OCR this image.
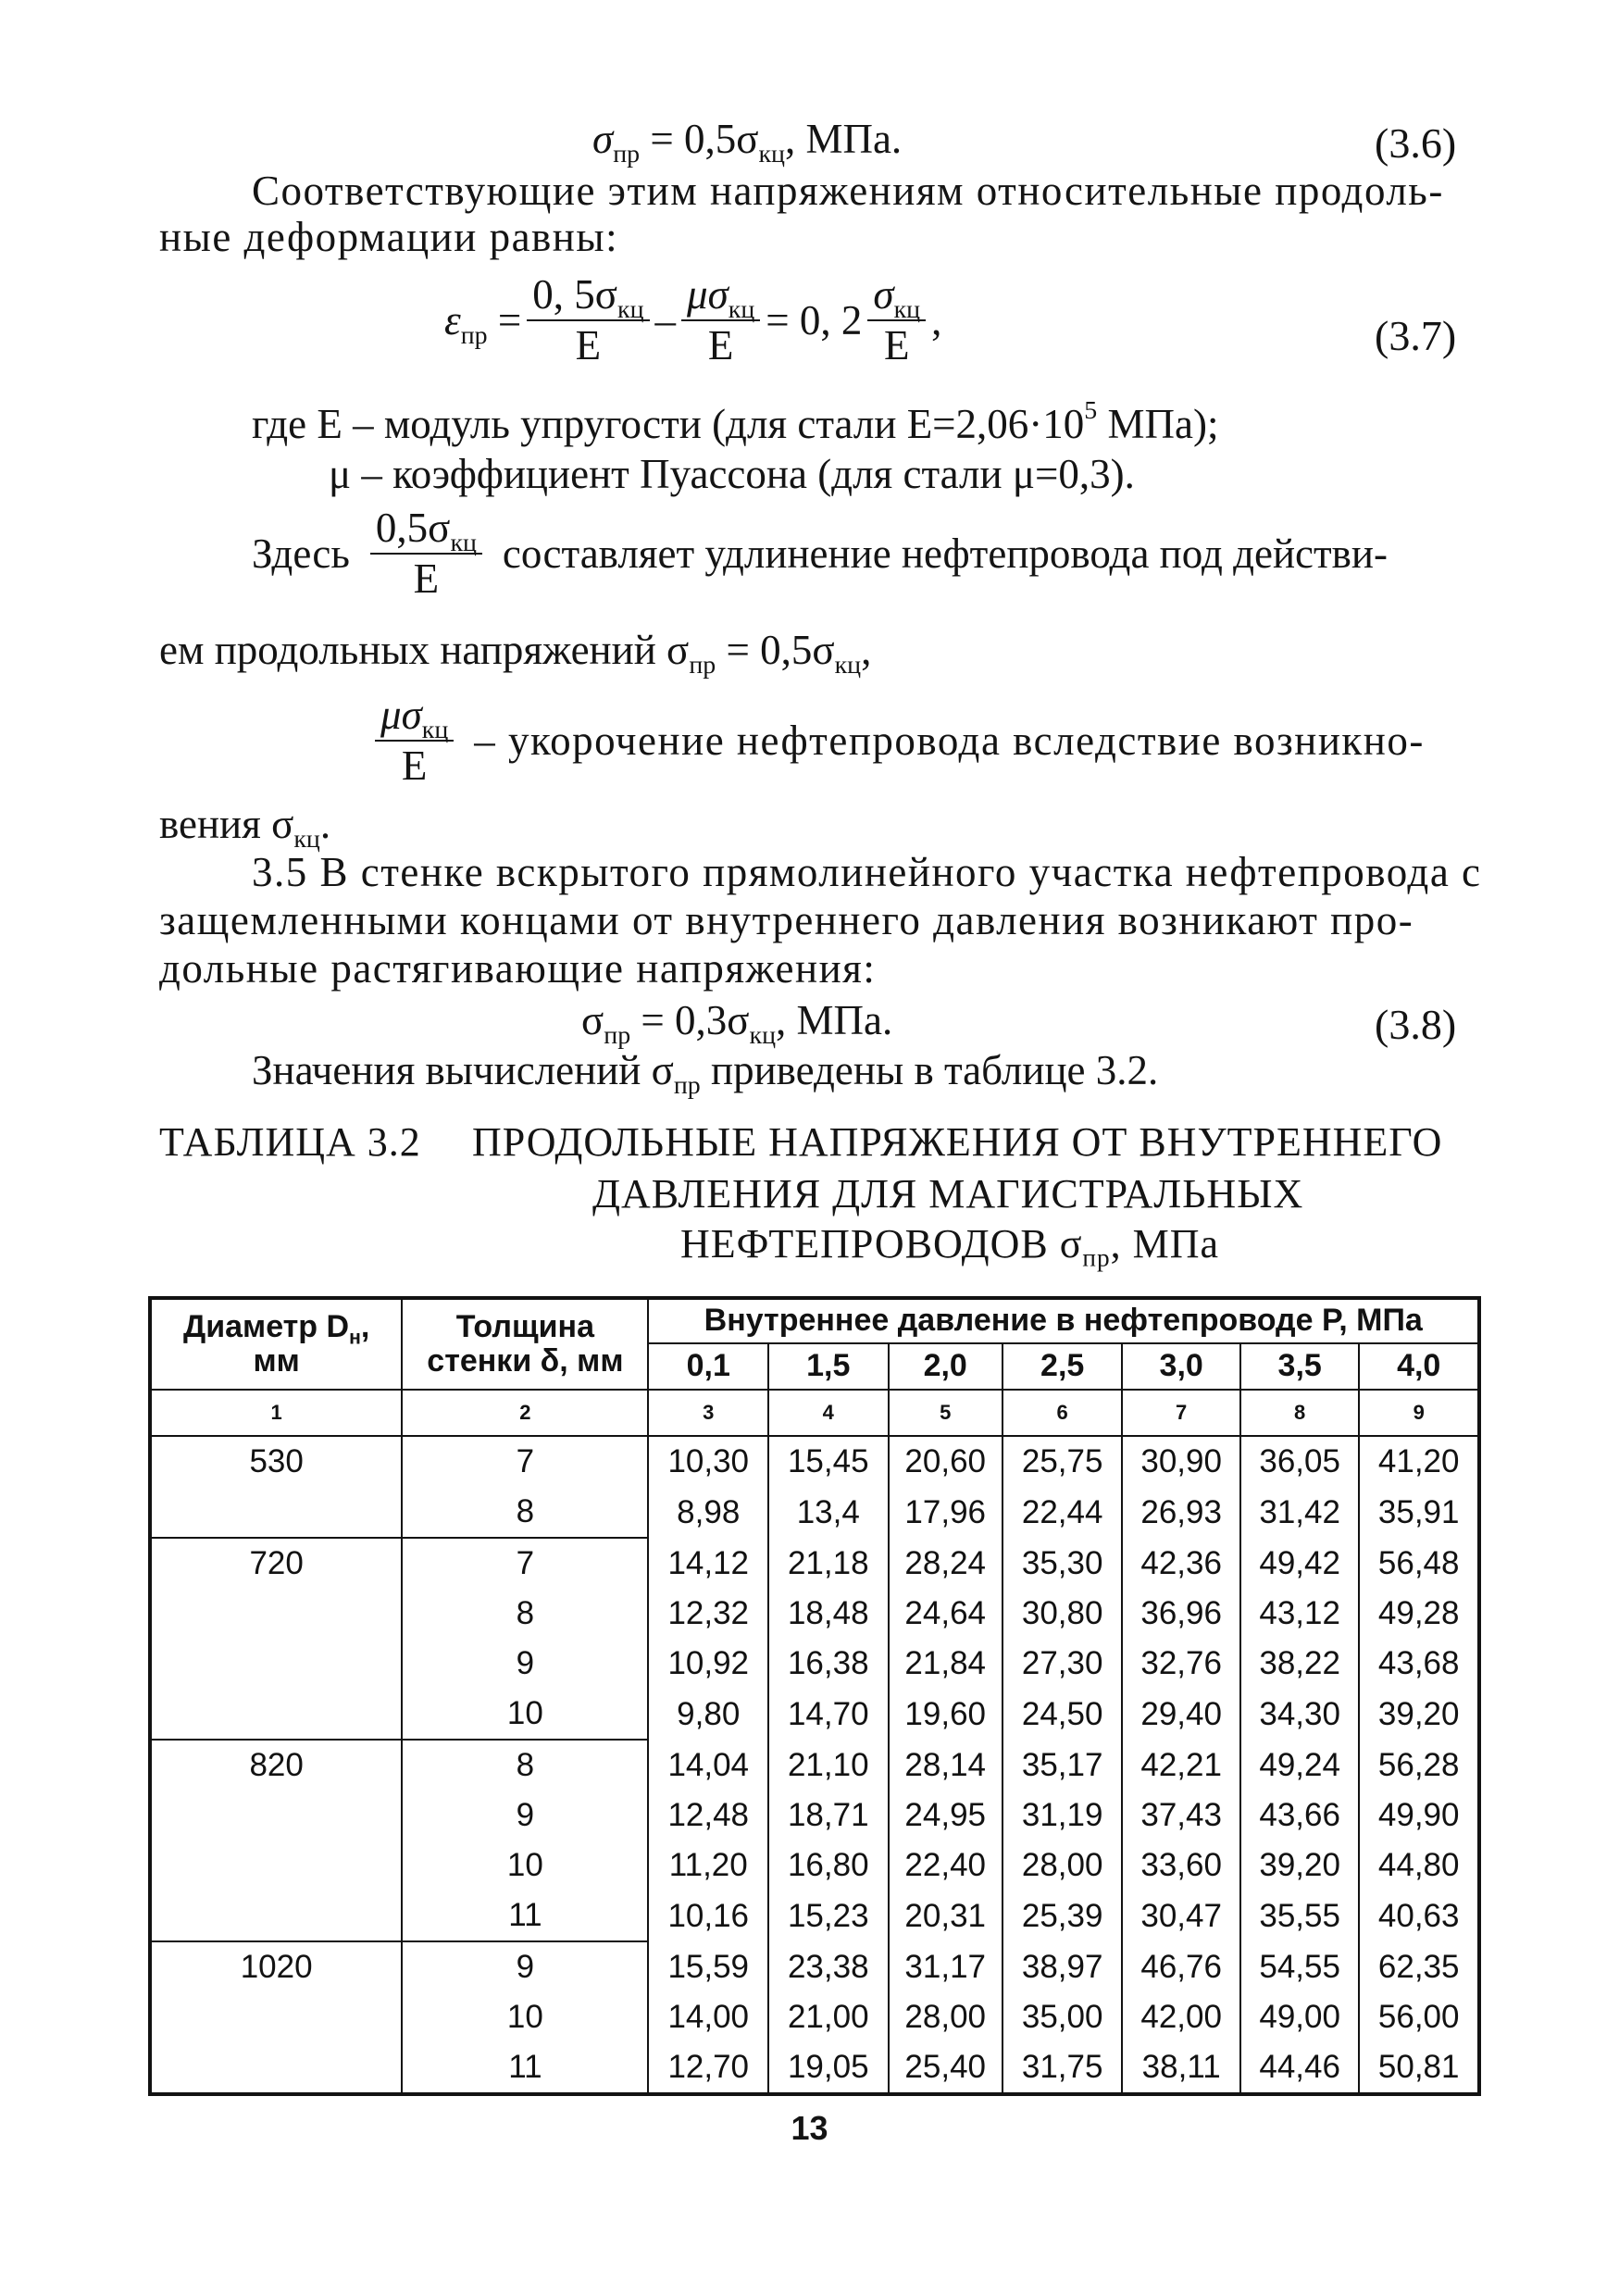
$\sigma_{пр} = 0,5\sigma_{кц}$, МПа.	(3.6)
Соответствующие этим напряжениям относительные продоль-
ные деформации равны:
$\varepsilon_{пр} = \frac{0, 5\sigma_{кц}}{E} - \frac{\mu\sigma_{кц}}{E} = 0$, $2 \frac{\sigma_{кц}}{E}$ ,	(3.7)
где E – модуль упругости (для стали $E=2,06\cdot 10^5$ МПа);
μ – коэффициент Пуассона (для стали μ=0,3).
Здесь $\frac{0,5\sigma_{кц}}{E}$ составляет удлинение нефтепровода под действи-
ем продольных напряжений $\sigma_{пр} = 0,5\sigma_{кц}$,
$\frac{\mu\sigma_{кц}}{E}$ – укорочение нефтепровода вследствие возникно-
вения $\sigma_{кц}$.
3.5 В стенке вскрытого прямолинейного участка нефтепровода с
защемленными концами от внутреннего давления возникают про-
дольные растягивающие напряжения:
$\sigma_{пр} = 0,3\sigma_{кц}$, МПа.	(3.8)
Значения вычислений $\sigma_{пр}$ приведены в таблице 3.2.
ТАБЛИЦА 3.2 ПРОДОЛЬНЫЕ НАПРЯЖЕНИЯ ОТ ВНУТРЕННЕГО
ДАВЛЕНИЯ ДЛЯ МАГИСТРАЛЬНЫХ
НЕФТЕПРОВОДОВ $\sigma_{пр}$, МПа
Диаметр $D_н$,
мм	Толщина
стенки δ, мм	Внутреннее давление в нефтепроводе P, МПа						
		0,1	1,5	2,0	2,5	3,0	3,5	4,0
1	2	3	4	5	6	7	8	9
530	7	10,30	15,45	20,60	25,75	30,90	36,05	41,20
	8	8,98	13,4	17,96	22,44	26,93	31,42	35,91
720	7	14,12	21,18	28,24	35,30	42,36	49,42	56,48
	8	12,32	18,48	24,64	30,80	36,96	43,12	49,28
	9	10,92	16,38	21,84	27,30	32,76	38,22	43,68
	10	9,80	14,70	19,60	24,50	29,40	34,30	39,20
820	8	14,04	21,10	28,14	35,17	42,21	49,24	56,28
	9	12,48	18,71	24,95	31,19	37,43	43,66	49,90
	10	11,20	16,80	22,40	28,00	33,60	39,20	44,80
	11	10,16	15,23	20,31	25,39	30,47	35,55	40,63
1020	9	15,59	23,38	31,17	38,97	46,76	54,55	62,35
	10	14,00	21,00	28,00	35,00	42,00	49,00	56,00
	11	12,70	19,05	25,40	31,75	38,11	44,46	50,81
13
